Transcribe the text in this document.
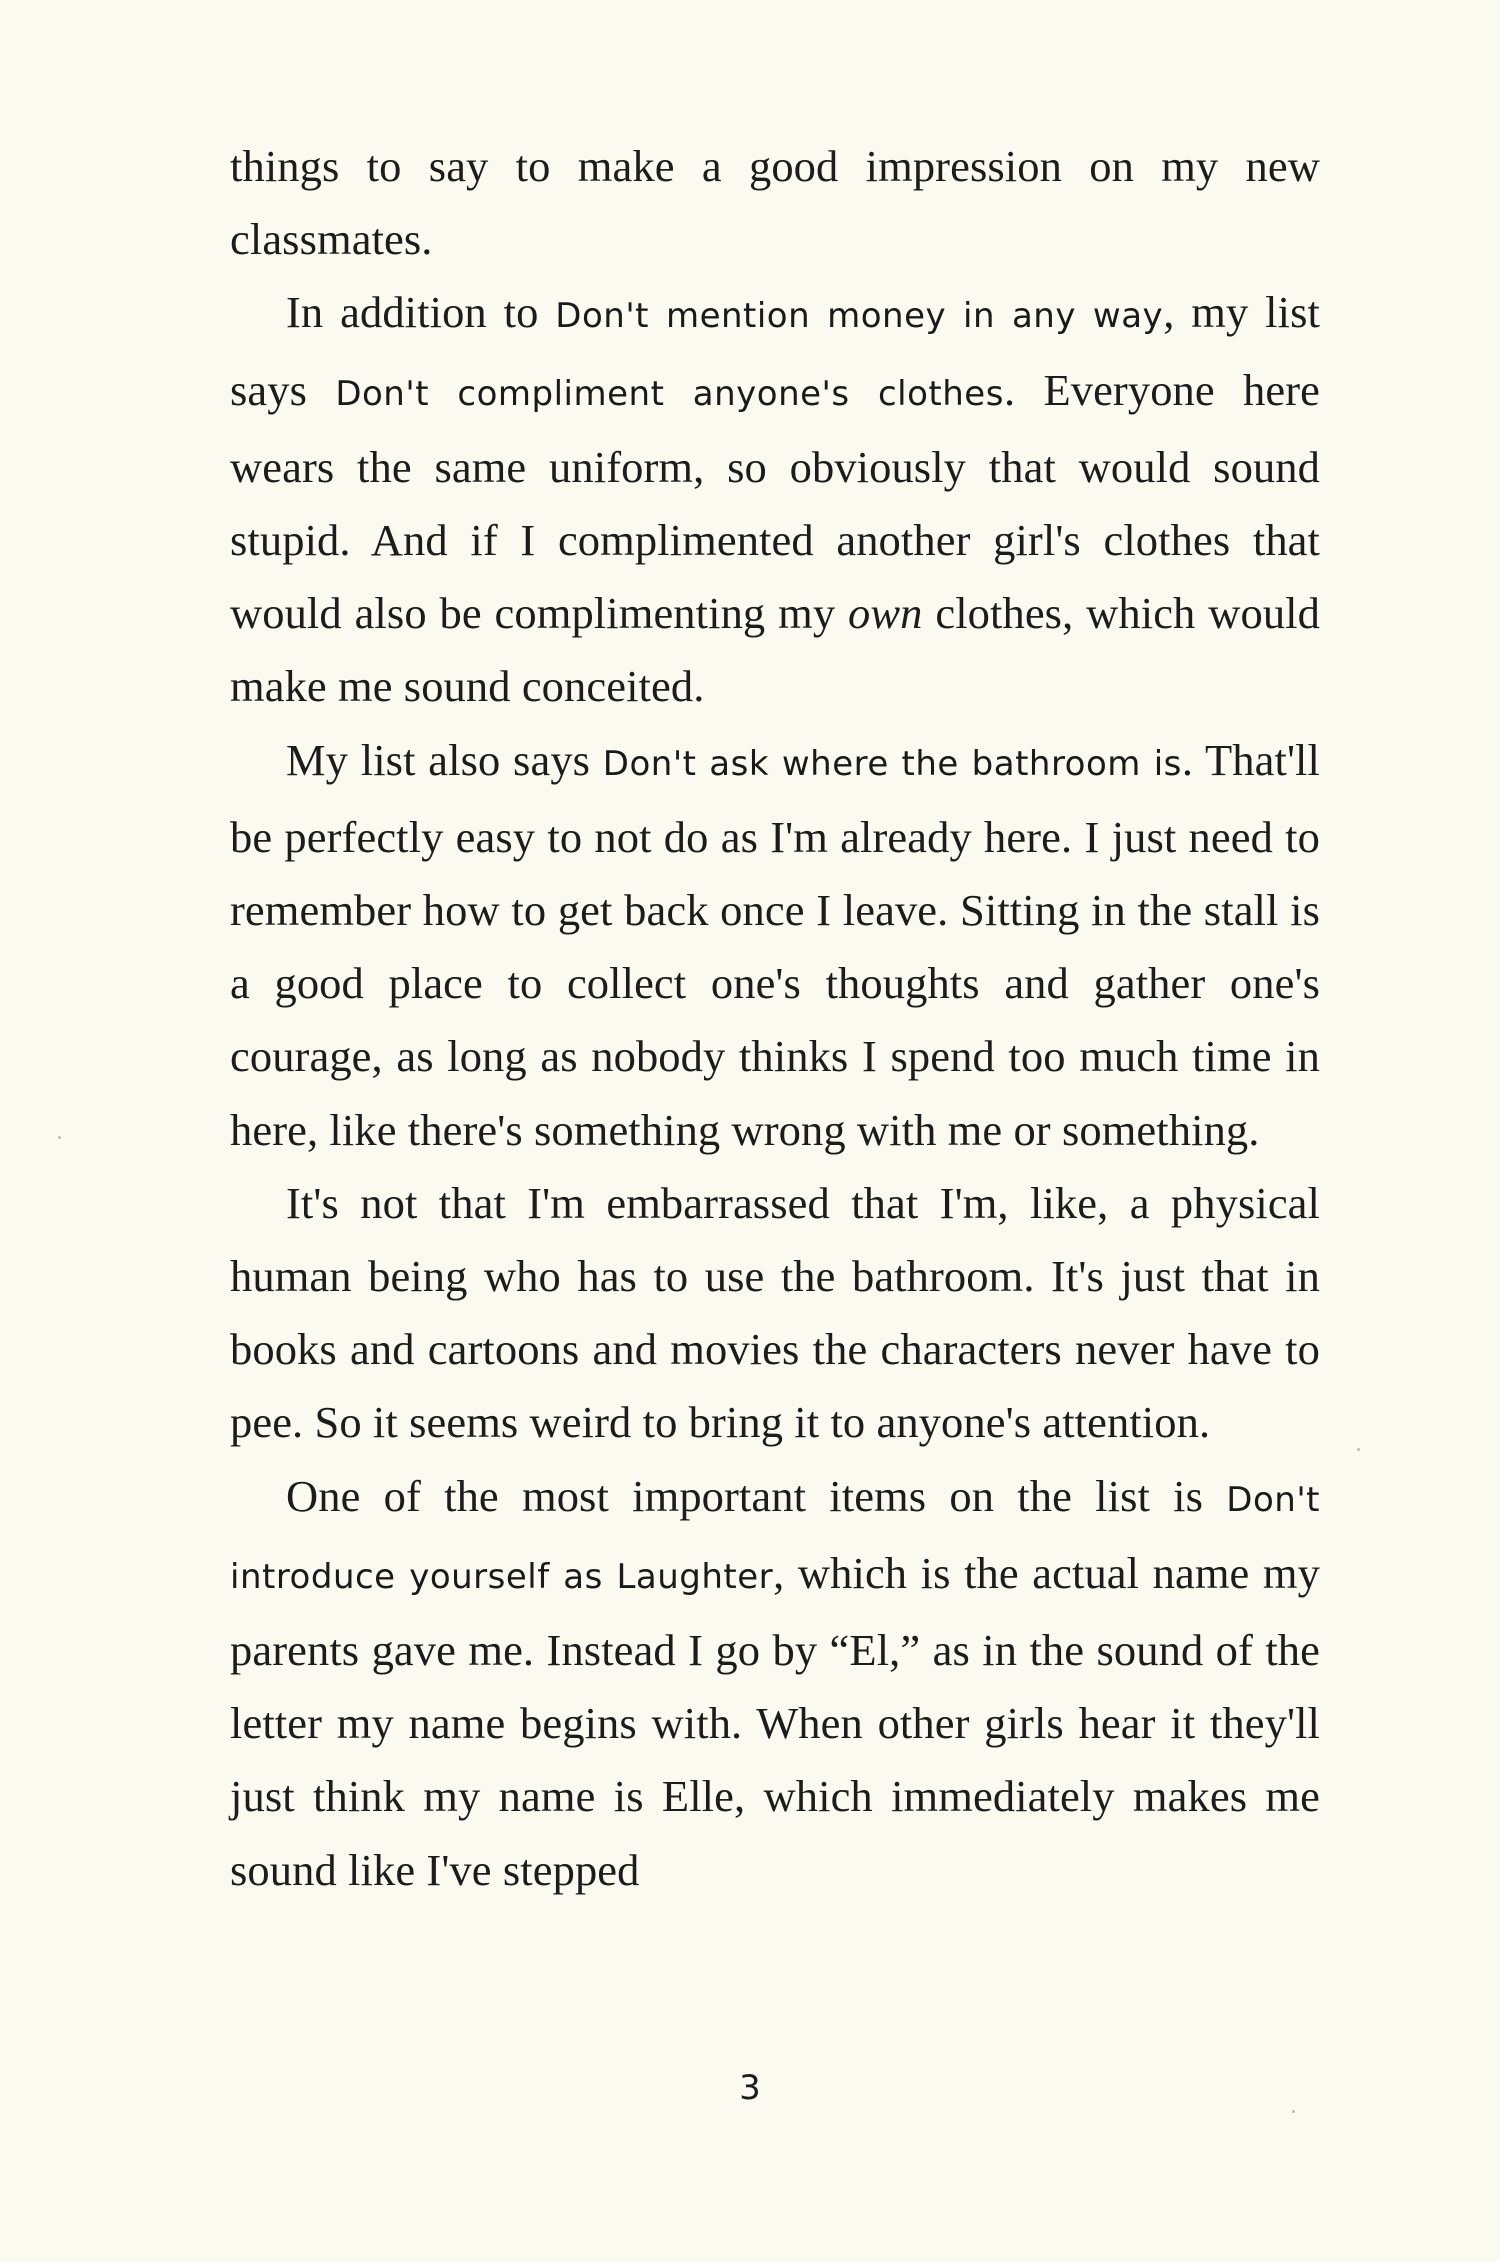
things to say to make a good impression on my new classmates.

In addition to Don't mention money in any way, my list says Don't compliment anyone's clothes. Everyone here wears the same uniform, so obviously that would sound stupid. And if I complimented another girl's clothes that would also be complimenting my own clothes, which would make me sound conceited.

My list also says Don't ask where the bathroom is. That'll be perfectly easy to not do as I'm already here. I just need to remember how to get back once I leave. Sitting in the stall is a good place to collect one's thoughts and gather one's courage, as long as nobody thinks I spend too much time in here, like there's something wrong with me or something.

It's not that I'm embarrassed that I'm, like, a physical human being who has to use the bathroom. It's just that in books and cartoons and movies the characters never have to pee. So it seems weird to bring it to anyone's attention.

One of the most important items on the list is Don't introduce yourself as Laughter, which is the actual name my parents gave me. Instead I go by “El,” as in the sound of the letter my name begins with. When other girls hear it they'll just think my name is Elle, which immediately makes me sound like I've stepped

3
